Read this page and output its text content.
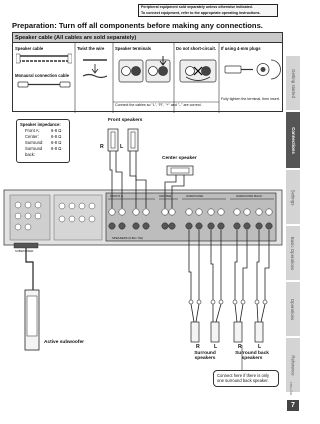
Peripheral equipment sold separately unless otherwise indicated.
To connect equipment, refer to the appropriate operating instructions.
Preparation: Turn off all components before making any connections.
Speaker cable (All cables are sold separately)
Speaker cable
Monaural connection cable
Twist the wire	Speaker terminals
Connect the cables so "L", "R", "+" and "–" are correct.
Do not short-circuit. If using 4-mm plugs
Fully tighten the terminal, then insert.
Speaker impedance:
Front A:	6-8 Ω
Center:	6-8 Ω
Surround:	6-8 Ω
Surround back:
6-8 Ω
Front speakers
R	L
Center speaker
FRONT A	CENTER	SURROUND	SURROUND BACK
SPEAKERS (6-8Ω / 6Ω)
SUBWOOFER
R	L	R	L
Surround speakers
Surround back speakers
Active subwoofer
Connect here if there is only one surround back speaker.
Getting started
Connections
Settings
Basic Operations
Operations
Reference
7
RQT7994
